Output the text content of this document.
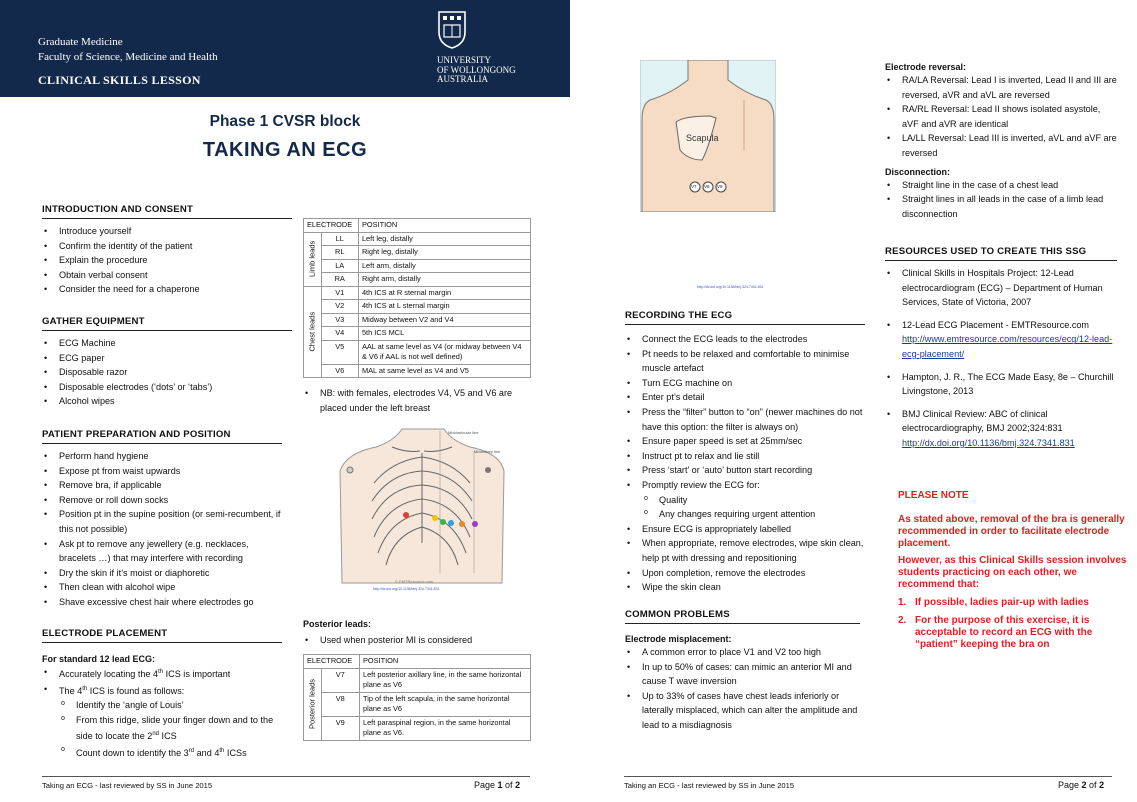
Graduate Medicine
Faculty of Science, Medicine and Health
CLINICAL SKILLS LESSON
UNIVERSITY
OF WOLLONGONG
AUSTRALIA
Phase 1 CVSR block
TAKING AN ECG
INTRODUCTION AND CONSENT
• Introduce yourself
• Confirm the identity of the patient
• Explain the procedure
• Obtain verbal consent
• Consider the need for a chaperone
GATHER EQUIPMENT
• ECG Machine
• ECG paper
• Disposable razor
• Disposable electrodes (‘dots’ or ‘tabs’)
• Alcohol wipes
PATIENT PREPARATION AND POSITION
• Perform hand hygiene
• Expose pt from waist upwards
• Remove bra, if applicable
• Remove or roll down socks
• Position pt in the supine position (or semi-recumbent, if this not possible)
• Ask pt to remove any jewellery (e.g. necklaces, bracelets …) that may interfere with recording
• Dry the skin if it’s moist or diaphoretic
• Then clean with alcohol wipe
• Shave excessive chest hair where electrodes go
ELECTRODE PLACEMENT
For standard 12 lead ECG:
• Accurately locating the 4th ICS is important
• The 4th ICS is found as follows:
o Identify the ‘angle of Louis’
o From this ridge, slide your finger down and to the side to locate the 2nd ICS
o Count down to identify the 3rd and 4th ICSs
ELECTRODE		POSITION
Limb leads	LL	Left leg, distally
	RL	Right leg, distally
	LA	Left arm, distally
	RA	Right arm, distally
Chest leads	V1	4th ICS at R sternal margin
	V2	4th ICS at L sternal margin
	V3	Midway between V2 and V4
	V4	5th ICS MCL
	V5	AAL at same level as V4 (or midway between V4 & V6 if AAL is not well defined)
	V6	MAL at same level as V4 and V5
• NB: with females, electrodes V4, V5 and V6 are placed under the left breast
Midclavicular line
Midaxillary line
© EMTResource.com
http://dx.doi.org/10.1136/bmj.324.7341.831
Posterior leads:
• Used when posterior MI is considered
ELECTRODE		POSITION
Posterior leads	V7	Left posterior axillary line, in the same horizontal plane as V6
	V8	Tip of the left scapula, in the same horizontal plane as V6
	V9	Left paraspinal region, in the same horizontal plane as V6.
Taking an ECG - last reviewed by SS in June 2015	Page 1 of 2
Scapula
V7 V8 V9
http://dx.doi.org/10.1136/bmj.324.7341.831
RECORDING THE ECG
• Connect the ECG leads to the electrodes
• Pt needs to be relaxed and comfortable to minimise muscle artefact
• Turn ECG machine on
• Enter pt’s detail
• Press the “filter” button to “on” (newer machines do not have this option: the filter is always on)
• Ensure paper speed is set at 25mm/sec
• Instruct pt to relax and lie still
• Press ‘start’ or ‘auto’ button start recording
• Promptly review the ECG for:
o Quality
o Any changes requiring urgent attention
• Ensure ECG is appropriately labelled
• When appropriate, remove electrodes, wipe skin clean, help pt with dressing and repositioning
• Upon completion, remove the electrodes
• Wipe the skin clean
COMMON PROBLEMS
Electrode misplacement:
• A common error to place V1 and V2 too high
• In up to 50% of cases: can mimic an anterior MI and cause T wave inversion
• Up to 33% of cases have chest leads inferiorly or laterally misplaced, which can alter the amplitude and lead to a misdiagnosis
Electrode reversal:
• RA/LA Reversal: Lead I is inverted, Lead II and III are reversed, aVR and aVL are reversed
• RA/RL Reversal: Lead II shows isolated asystole, aVF and aVR are identical
• LA/LL Reversal: Lead III is inverted, aVL and aVF are reversed
Disconnection:
• Straight line in the case of a chest lead
• Straight lines in all leads in the case of a limb lead disconnection
RESOURCES USED TO CREATE THIS SSG
• Clinical Skills in Hospitals Project: 12-Lead electrocardiogram (ECG) – Department of Human Services, State of Victoria, 2007
• 12-Lead ECG Placement - EMTResource.com
http://www.emtresource.com/resources/ecg/12-lead-ecg-placement/
• Hampton, J. R., The ECG Made Easy, 8e – Churchill Livingstone, 2013
• BMJ Clinical Review: ABC of clinical electrocardiography, BMJ 2002;324:831
http://dx.doi.org/10.1136/bmj.324.7341.831
PLEASE NOTE
As stated above, removal of the bra is generally recommended in order to facilitate electrode placement.
However, as this Clinical Skills session involves students practicing on each other, we recommend that:
1. If possible, ladies pair-up with ladies
2. For the purpose of this exercise, it is acceptable to record an ECG with the “patient” keeping the bra on
Taking an ECG - last reviewed by SS in June 2015	Page 2 of 2
